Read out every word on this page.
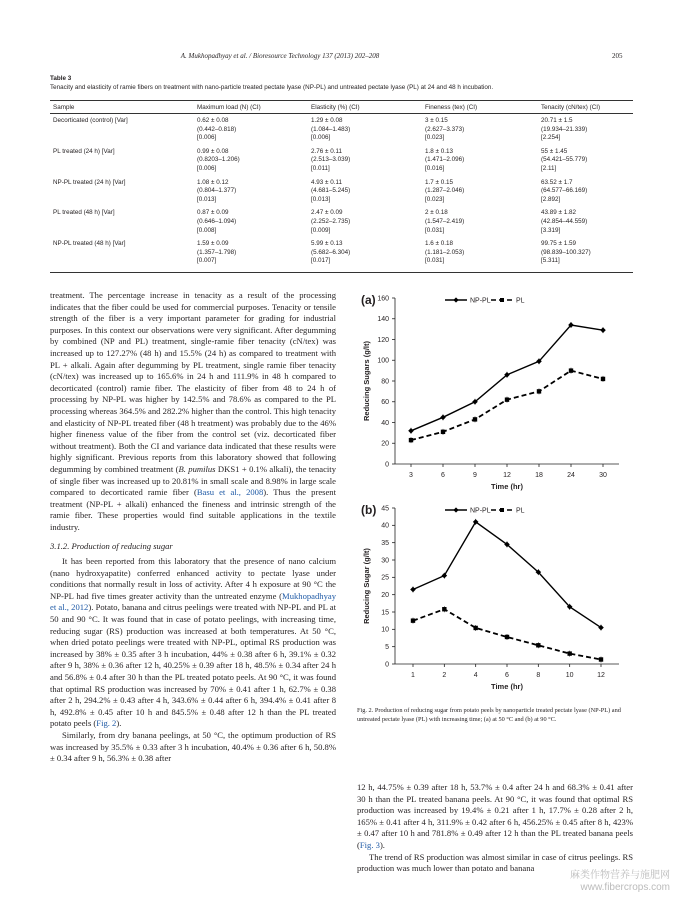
A. Mukhopadhyay et al. / Bioresource Technology 137 (2013) 202–208	205
Table 3
Tenacity and elasticity of ramie fibers on treatment with nano-particle treated pectate lyase (NP-PL) and untreated pectate lyase (PL) at 24 and 48 h incubation.
Sample	Maximum load (N) (CI)	Elasticity (%) (CI)	Fineness (tex) (CI)	Tenacity (cN/tex) (CI)
Decorticated (control) [Var]	0.62 ± 0.08
(0.442–0.818)
[0.006]	1.29 ± 0.08
(1.084–1.483)
[0.006]	3 ± 0.15
(2.627–3.373)
[0.023]	20.71 ± 1.5
(19.934–21.339)
[2.254]

PL treated (24 h) [Var]	0.99 ± 0.08
(0.8203–1.206)
[0.006]	2.76 ± 0.11
(2.513–3.039)
[0.011]	1.8 ± 0.13
(1.471–2.096)
[0.016]	55 ± 1.45
(54.421–55.779)
[2.11]

NP-PL treated (24 h) [Var]	1.08 ± 0.12
(0.804–1.377)
[0.013]	4.93 ± 0.11
(4.681–5.245)
[0.013]	1.7 ± 0.15
(1.287–2.046)
[0.023]	63.52 ± 1.7
(64.577–66.169)
[2.892]

PL treated (48 h) [Var]	0.87 ± 0.09
(0.646–1.094)
[0.008]	2.47 ± 0.09
(2.252–2.735)
[0.009]	2 ± 0.18
(1.547–2.419)
[0.031]	43.89 ± 1.82
(42.854–44.559)
[3.319]

NP-PL treated (48 h) [Var]	1.59 ± 0.09
(1.357–1.798)
[0.007]	5.99 ± 0.13
(5.682–6.304)
[0.017]	1.6 ± 0.18
(1.181–2.053)
[0.031]	99.75 ± 1.59
(98.839–100.327)
[5.311]
(a)
0
20
40
60
80
100
120
140
160
3	6	9	12	18	24	30
Time (hr)
Reducing Sugars (g/lt)
NP-PL	PL
(b)
0
5
10
15
20
25
30
35
40
45
1	2	4	6	8	10	12
Time (hr)
Reducing Sugar (g/lt)
NP-PL	PL
Fig. 2. Production of reducing sugar from potato peels by nanoparticle treated pectate lyase (NP-PL) and untreated pectate lyase (PL) with increasing time; (a) at 50 °C and (b) at 90 °C.

treatment. The percentage increase in tenacity as a result of the processing indicates that the fiber could be used for commercial purposes. Tenacity or tensile strength of the fiber is a very important parameter for grading for industrial purposes. In this context our observations were very significant. After degumming by combined (NP and PL) treatment, single-ramie fiber tenacity (cN/tex) was increased up to 127.27% (48 h) and 15.5% (24 h) as compared to treatment with PL + alkali. Again after degumming by PL treatment, single ramie fiber tenacity (cN/tex) was increased up to 165.6% in 24 h and 111.9% in 48 h compared to decorticated (control) ramie fiber. The elasticity of fiber from 48 to 24 h of processing by NP-PL was higher by 142.5% and 78.6% as compared to the PL processing whereas 364.5% and 282.2% higher than the control. This high tenacity and elasticity of NP-PL treated fiber (48 h treatment) was probably due to the 46% higher fineness value of the fiber from the control set (viz. decorticated fiber without treatment). Both the CI and variance data indicated that these results were highly significant. Previous reports from this laboratory showed that following degumming by combined treatment (B. pumilus DKS1 + 0.1% alkali), the tenacity of single fiber was increased up to 20.81% in small scale and 8.98% in large scale compared to decorticated ramie fiber (Basu et al., 2008). Thus the present treatment (NP-PL + alkali) enhanced the fineness and intrinsic strength of the ramie fiber. These properties would find suitable applications in the textile industry.

3.1.2. Production of reducing sugar

It has been reported from this laboratory that the presence of nano calcium (nano hydroxyapatite) conferred enhanced activity to pectate lyase under conditions that normally result in loss of activity. After 4 h exposure at 90 °C the NP-PL had five times greater activity than the untreated enzyme (Mukhopadhyay et al., 2012). Potato, banana and citrus peelings were treated with NP-PL and PL at 50 and 90 °C. It was found that in case of potato peelings, with increasing time, reducing sugar (RS) production was increased at both temperatures. At 50 °C, when dried potato peelings were treated with NP-PL, optimal RS production was increased by 38% ± 0.35 after 3 h incubation, 44% ± 0.38 after 6 h, 39.1% ± 0.32 after 9 h, 38% ± 0.36 after 12 h, 40.25% ± 0.39 after 18 h, 48.5% ± 0.34 after 24 h and 56.8% ± 0.4 after 30 h than the PL treated potato peels. At 90 °C, it was found that optimal RS production was increased by 70% ± 0.41 after 1 h, 62.7% ± 0.38 after 2 h, 294.2% ± 0.43 after 4 h, 343.6% ± 0.44 after 6 h, 394.4% ± 0.41 after 8 h, 492.8% ± 0.45 after 10 h and 845.5% ± 0.48 after 12 h than the PL treated potato peels (Fig. 2).

Similarly, from dry banana peelings, at 50 °C, the optimum production of RS was increased by 35.5% ± 0.33 after 3 h incubation, 40.4% ± 0.36 after 6 h, 50.8% ± 0.34 after 9 h, 56.3% ± 0.38 after

12 h, 44.75% ± 0.39 after 18 h, 53.7% ± 0.4 after 24 h and 68.3% ± 0.41 after 30 h than the PL treated banana peels. At 90 °C, it was found that optimal RS production was increased by 19.4% ± 0.21 after 1 h, 17.7% ± 0.28 after 2 h, 165% ± 0.41 after 4 h, 311.9% ± 0.42 after 6 h, 456.25% ± 0.45 after 8 h, 423% ± 0.47 after 10 h and 781.8% ± 0.49 after 12 h than the PL treated banana peels (Fig. 3).

The trend of RS production was almost similar in case of citrus peelings. RS production was much lower than potato and banana

麻类作物营养与施肥网
www.fibercrops.com
